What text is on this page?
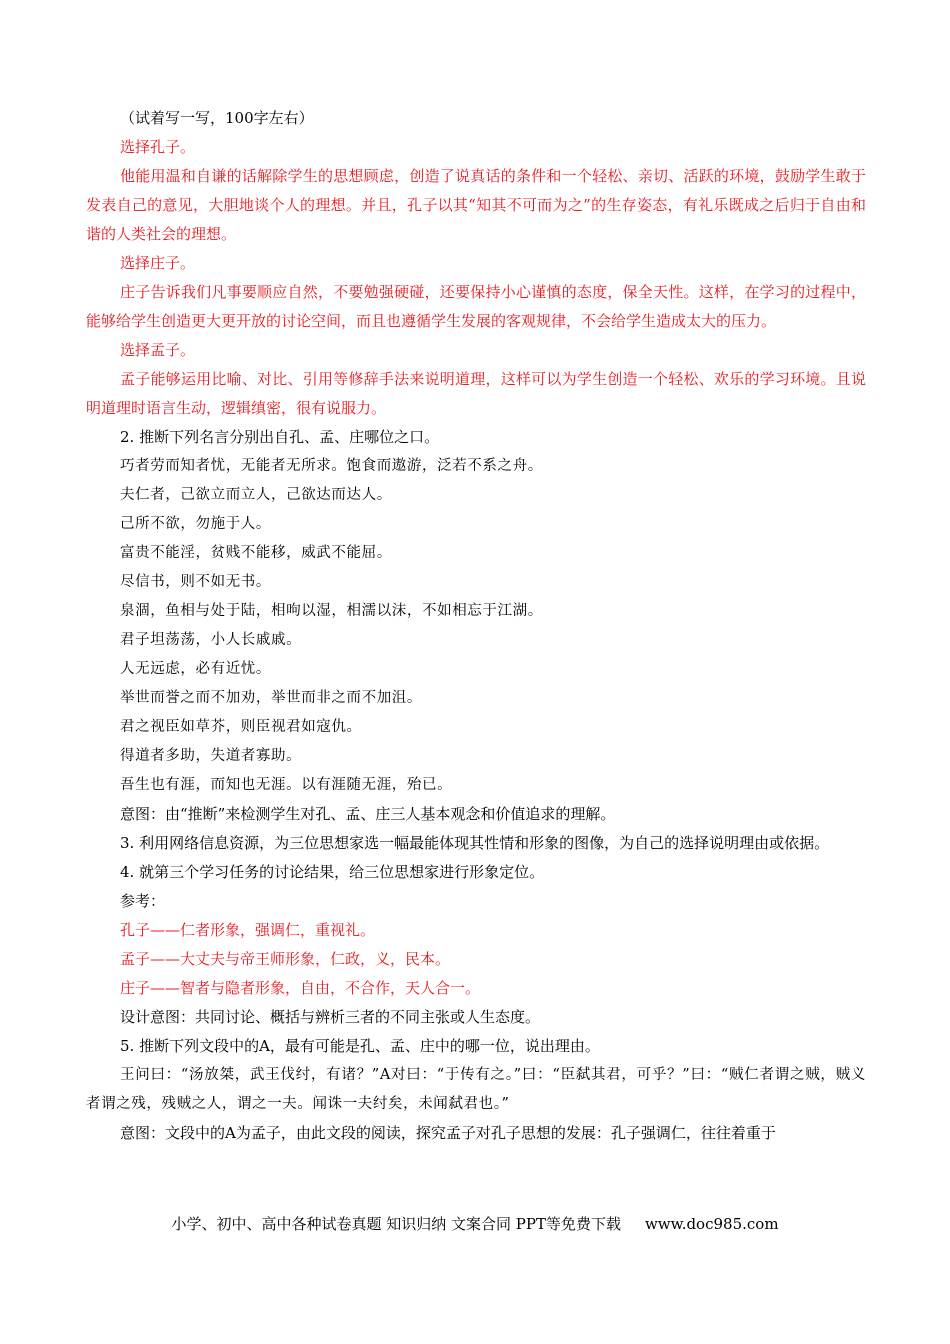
（试着写一写，100字左右）
选择孔子。
他能用温和自谦的话解除学生的思想顾虑，创造了说真话的条件和一个轻松、亲切、活跃的环境，鼓励学生敢于发表自己的意见，大胆地谈个人的理想。并且，孔子以其“知其不可而为之”的生存姿态，有礼乐既成之后归于自由和谐的人类社会的理想。
选择庄子。
庄子告诉我们凡事要顺应自然，不要勉强硬碰，还要保持小心谨慎的态度，保全天性。这样，在学习的过程中，能够给学生创造更大更开放的讨论空间，而且也遵循学生发展的客观规律，不会给学生造成太大的压力。
选择孟子。
孟子能够运用比喻、对比、引用等修辞手法来说明道理，这样可以为学生创造一个轻松、欢乐的学习环境。且说明道理时语言生动，逻辑缜密，很有说服力。
2. 推断下列名言分别出自孔、孟、庄哪位之口。
巧者劳而知者忧，无能者无所求。饱食而遨游，泛若不系之舟。
夫仁者，己欲立而立人，己欲达而达人。
己所不欲，勿施于人。
富贵不能淫，贫贱不能移，威武不能屈。
尽信书，则不如无书。
泉涸，鱼相与处于陆，相呴以湿，相濡以沫，不如相忘于江湖。
君子坦荡荡，小人长戚戚。
人无远虑，必有近忧。
举世而誉之而不加劝，举世而非之而不加沮。
君之视臣如草芥，则臣视君如寇仇。
得道者多助，失道者寡助。
吾生也有涯，而知也无涯。以有涯随无涯，殆已。
意图：由“推断”来检测学生对孔、孟、庄三人基本观念和价值追求的理解。
3. 利用网络信息资源，为三位思想家选一幅最能体现其性情和形象的图像，为自己的选择说明理由或依据。
4. 就第三个学习任务的讨论结果，给三位思想家进行形象定位。
参考：
孔子——仁者形象，强调仁，重视礼。
孟子——大丈夫与帝王师形象，仁政，义，民本。
庄子——智者与隐者形象，自由，不合作，天人合一。
设计意图：共同讨论、概括与辨析三者的不同主张或人生态度。
5. 推断下列文段中的A，最有可能是孔、孟、庄中的哪一位，说出理由。
王问曰：“汤放桀，武王伐纣，有诸？”A对曰：“于传有之。”曰：“臣弑其君，可乎？”曰：“贼仁者谓之贼，贼义者谓之残，残贼之人，谓之一夫。闻诛一夫纣矣，未闻弑君也。”
意图：文段中的A为孟子，由此文段的阅读，探究孟子对孔子思想的发展：孔子强调仁，往往着重于
小学、初中、高中各种试卷真题 知识归纳 文案合同 PPT等免费下载 www.doc985.com
